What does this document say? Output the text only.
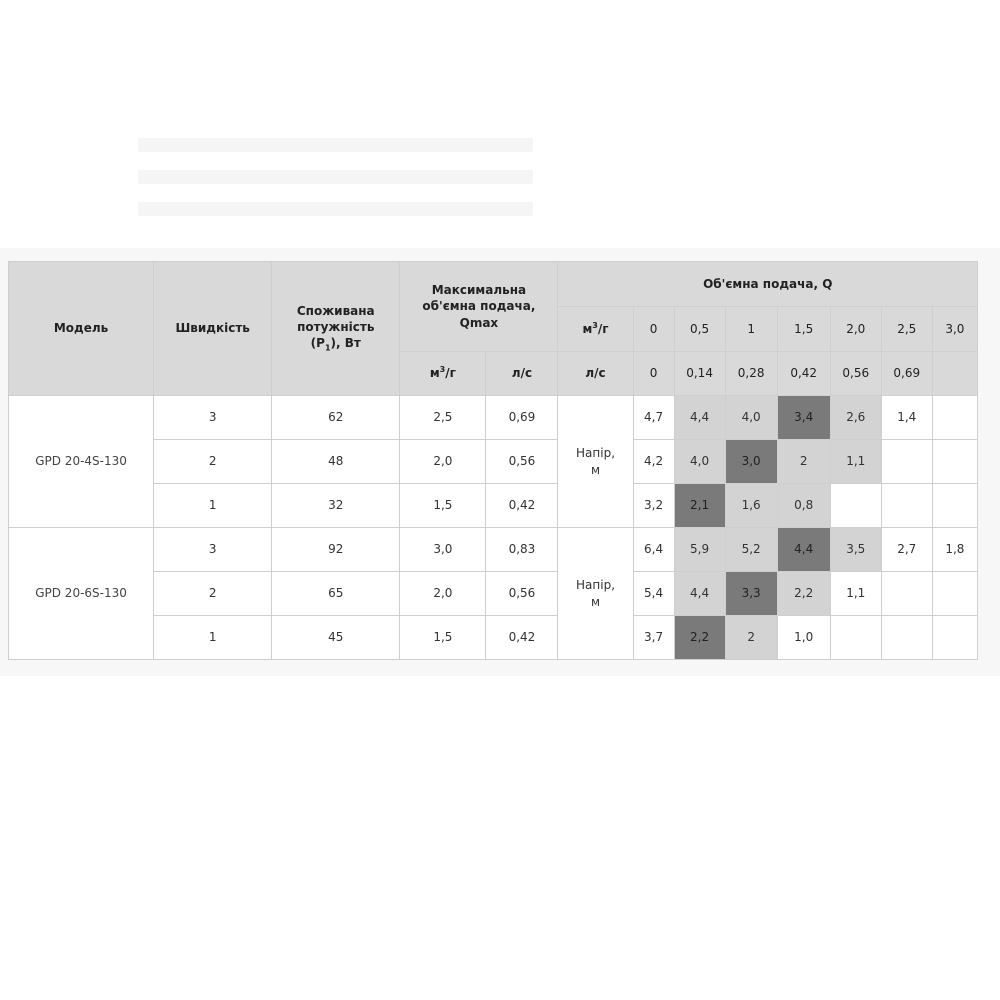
Модель	Швидкість	Споживана
потужність
$(P_1)$, Вт	Максимальна
об'ємна подача,
Qmax		Об'ємна подача, Q							
					$м^3/г$	0	0,5	1	1,5	2,0	2,5	3,0
			$м^3/г$	л/с	л/с	0	0,14	0,28	0,42	0,56	0,69	
GPD 20-4S-130	3	62	2,5	0,69	Напір,
м	4,7	4,4	4,0	3,4	2,6	1,4	
	2	48	2,0	0,56		4,2	4,0	3,0	2	1,1		
	1	32	1,5	0,42		3,2	2,1	1,6	0,8			
GPD 20-6S-130	3	92	3,0	0,83	Напір,
м	6,4	5,9	5,2	4,4	3,5	2,7	1,8
	2	65	2,0	0,56		5,4	4,4	3,3	2,2	1,1		
	1	45	1,5	0,42		3,7	2,2	2	1,0			
